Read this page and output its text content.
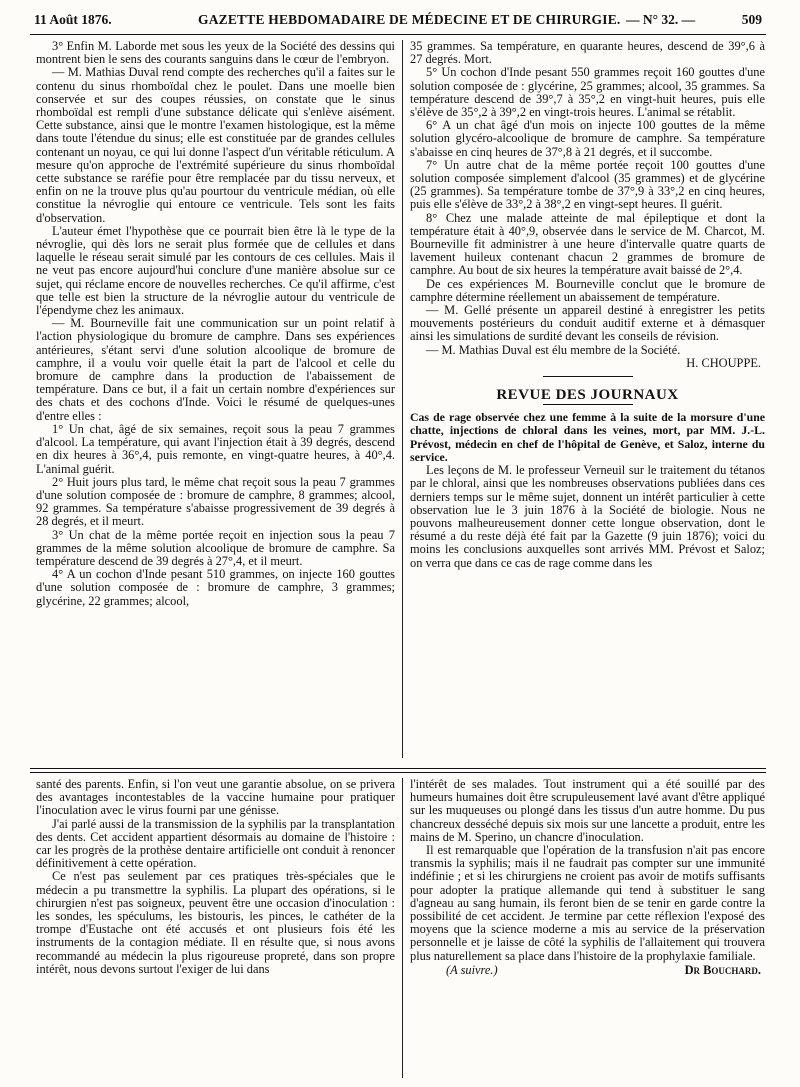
11 Août 1876.	GAZETTE HEBDOMADAIRE DE MÉDECINE ET DE CHIRURGIE. — N° 32. —	509

3° Enfin M. Laborde met sous les yeux de la Société des dessins qui montrent bien le sens des courants sanguins dans le cœur de l'embryon.

— M. Mathias Duval rend compte des recherches qu'il a faites sur le contenu du sinus rhomboïdal chez le poulet. Dans une moelle bien conservée et sur des coupes réussies, on constate que le sinus rhomboïdal est rempli d'une substance délicate qui s'enlève aisément. Cette substance, ainsi que le montre l'examen histologique, est la même dans toute l'étendue du sinus; elle est constituée par de grandes cellules contenant un noyau, ce qui lui donne l'aspect d'un véritable réticulum. A mesure qu'on approche de l'extrémité supérieure du sinus rhomboïdal cette substance se raréfie pour être remplacée par du tissu nerveux, et enfin on ne la trouve plus qu'au pourtour du ventricule médian, où elle constitue la névroglie qui entoure ce ventricule. Tels sont les faits d'observation.

L'auteur émet l'hypothèse que ce pourrait bien être là le type de la névroglie, qui dès lors ne serait plus formée que de cellules et dans laquelle le réseau serait simulé par les contours de ces cellules. Mais il ne veut pas encore aujourd'hui conclure d'une manière absolue sur ce sujet, qui réclame encore de nouvelles recherches. Ce qu'il affirme, c'est que telle est bien la structure de la névroglie autour du ventricule de l'épendyme chez les animaux.

— M. Bourneville fait une communication sur un point relatif à l'action physiologique du bromure de camphre. Dans ses expériences antérieures, s'étant servi d'une solution alcoolique de bromure de camphre, il a voulu voir quelle était la part de l'alcool et celle du bromure de camphre dans la production de l'abaissement de température. Dans ce but, il a fait un certain nombre d'expériences sur des chats et des cochons d'Inde. Voici le résumé de quelques-unes d'entre elles :

1° Un chat, âgé de six semaines, reçoit sous la peau 7 grammes d'alcool. La température, qui avant l'injection était à 39 degrés, descend en dix heures à 36°,4, puis remonte, en vingt-quatre heures, à 40°,4. L'animal guérit.

2° Huit jours plus tard, le même chat reçoit sous la peau 7 grammes d'une solution composée de : bromure de camphre, 8 grammes; alcool, 92 grammes. Sa température s'abaisse progressivement de 39 degrés à 28 degrés, et il meurt.

3° Un chat de la même portée reçoit en injection sous la peau 7 grammes de la même solution alcoolique de bromure de camphre. Sa température descend de 39 degrés à 27°,4, et il meurt.

4° A un cochon d'Inde pesant 510 grammes, on injecte 160 gouttes d'une solution composée de : bromure de camphre, 3 grammes; glycérine, 22 grammes; alcool,

35 grammes. Sa température, en quarante heures, descend de 39°,6 à 27 degrés. Mort.

5° Un cochon d'Inde pesant 550 grammes reçoit 160 gouttes d'une solution composée de : glycérine, 25 grammes; alcool, 35 grammes. Sa température descend de 39°,7 à 35°,2 en vingt-huit heures, puis elle s'élève de 35°,2 à 39°,2 en vingt-trois heures. L'animal se rétablit.

6° A un chat âgé d'un mois on injecte 100 gouttes de la même solution glycéro-alcoolique de bromure de camphre. Sa température s'abaisse en cinq heures de 37°,8 à 21 degrés, et il succombe.

7° Un autre chat de la même portée reçoit 100 gouttes d'une solution composée simplement d'alcool (35 grammes) et de glycérine (25 grammes). Sa température tombe de 37°,9 à 33°,2 en cinq heures, puis elle s'élève de 33°,2 à 38°,2 en vingt-sept heures. Il guérit.

8° Chez une malade atteinte de mal épileptique et dont la température était à 40°,9, observée dans le service de M. Charcot, M. Bourneville fit administrer à une heure d'intervalle quatre quarts de lavement huileux contenant chacun 2 grammes de bromure de camphre. Au bout de six heures la température avait baissé de 2°,4.

De ces expériences M. Bourneville conclut que le bromure de camphre détermine réellement un abaissement de température.

— M. Gellé présente un appareil destiné à enregistrer les petits mouvements postérieurs du conduit auditif externe et à démasquer ainsi les simulations de surdité devant les conseils de révision.

— M. Mathias Duval est élu membre de la Société.

H. CHOUPPE.

REVUE DES JOURNAUX

Cas de rage observée chez une femme à la suite de la morsure d'une chatte, injections de chloral dans les veines, mort, par MM. J.-L. Prévost, médecin en chef de l'hôpital de Genève, et Saloz, interne du service.

Les leçons de M. le professeur Verneuil sur le traitement du tétanos par le chloral, ainsi que les nombreuses observations publiées dans ces derniers temps sur le même sujet, donnent un intérêt particulier à cette observation lue le 3 juin 1876 à la Société de biologie. Nous ne pouvons malheureusement donner cette longue observation, dont le résumé a du reste déjà été fait par la Gazette (9 juin 1876); voici du moins les conclusions auxquelles sont arrivés MM. Prévost et Saloz; on verra que dans ce cas de rage comme dans les

santé des parents. Enfin, si l'on veut une garantie absolue, on se privera des avantages incontestables de la vaccine humaine pour pratiquer l'inoculation avec le virus fourni par une génisse.

J'ai parlé aussi de la transmission de la syphilis par la transplantation des dents. Cet accident appartient désormais au domaine de l'histoire : car les progrès de la prothèse dentaire artificielle ont conduit à renoncer définitivement à cette opération.

Ce n'est pas seulement par ces pratiques très-spéciales que le médecin a pu transmettre la syphilis. La plupart des opérations, si le chirurgien n'est pas soigneux, peuvent être une occasion d'inoculation : les sondes, les spéculums, les bistouris, les pinces, le cathéter de la trompe d'Eustache ont été accusés et ont plusieurs fois été les instruments de la contagion médiate. Il en résulte que, si nous avons recommandé au médecin la plus rigoureuse propreté, dans son propre intérêt, nous devons surtout l'exiger de lui dans

l'intérêt de ses malades. Tout instrument qui a été souillé par des humeurs humaines doit être scrupuleusement lavé avant d'être appliqué sur les muqueuses ou plongé dans les tissus d'un autre homme. Du pus chancreux desséché depuis six mois sur une lancette a produit, entre les mains de M. Sperino, un chancre d'inoculation.

Il est remarquable que l'opération de la transfusion n'ait pas encore transmis la syphilis; mais il ne faudrait pas compter sur une immunité indéfinie ; et si les chirurgiens ne croient pas avoir de motifs suffisants pour adopter la pratique allemande qui tend à substituer le sang d'agneau au sang humain, ils feront bien de se tenir en garde contre la possibilité de cet accident. Je termine par cette réflexion l'exposé des moyens que la science moderne a mis au service de la préservation personnelle et je laisse de côté la syphilis de l'allaitement qui trouvera plus naturellement sa place dans l'histoire de la prophylaxie familiale.

(A suivre.)	Dr Bouchard.
